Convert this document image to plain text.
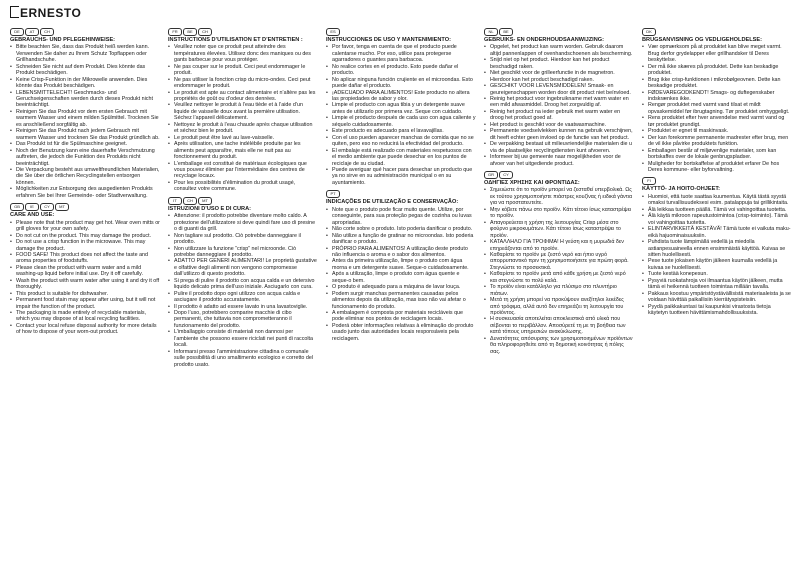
ERNESTO
DE	AT	CH
GEBRAUCHS- UND PFLEGEHINWEISE:
• Bitte beachten Sie, dass das Produkt heiß werden kann. Verwenden Sie daher zu Ihrem Schutz Topflappen oder Grillhandschuhe.
• Schneiden Sie nicht auf dem Produkt. Dies könnte das Produkt beschädigen.
• Keine Crisp-Funktion in der Mikrowelle anwenden. Dies könnte das Produkt beschädigen.
• LEBENSMITTELECHT! Geschmacks- und Geruchseigenschaften werden durch dieses Produkt nicht beeinträchtigt.
• Reinigen Sie das Produkt vor dem ersten Gebrauch mit warmem Wasser und einem milden Spülmittel. Trocknen Sie es anschließend sorgfältig ab.
• Reinigen Sie das Produkt nach jedem Gebrauch mit warmem Wasser und trocknen Sie das Produkt gründlich ab.
• Das Produkt ist für die Spülmaschine geeignet.
• Noch der Benutzung kann eine dauerhafte Verschmutzung auftreten, die jedoch die Funktion des Produkts nicht beeinträchtigt.
• Die Verpackung besteht aus umweltfreundlichen Materialien, die Sie über die örtlichen Recyclingstellen entsorgen können.
• Möglichkeiten zur Entsorgung des ausgedienten Produkts erfahren Sie bei Ihrer Gemeinde- oder Stadtverwaltung.
GB	IE	CY	MT
CARE AND USE:
• Please note that the product may get hot. Wear oven mitts or grill gloves for your own safety.
• Do not cut on the product. This may damage the product.
• Do not use a crisp function in the microwave. This may damage the product.
• FOOD SAFE! This product does not affect the taste and aroma properties of foodstuffs.
• Please clean the product with warm water and a mild washing-up liquid before initial use. Dry it off carefully.
• Wash the product with warm water after using it and dry it off thoroughly.
• This product is suitable for dishwasher.
• Permanent food stain may appear after using, but it will not impair the function of the product.
• The packaging is made entirely of recyclable materials, which you may dispose of at local recycling facilities.
• Contact your local refuse disposal authority for more details of how to dispose of your worn-out product.
FR	BE	CH
INSTRUCTIONS D’UTILISATION ET D’ENTRETIEN :
• Veuillez noter que ce produit peut atteindre des températures élevées. Utilisez donc des maniques ou des gants barbecue pour vous protéger.
• Ne pas couper sur le produit. Ceci peut endommager le produit.
• Ne pas utiliser la fonction crisp du micro-ondes. Ceci peut endommager le produit.
• Le produit est apte au contact alimentaire et n’altère pas les propriétés de goût ou d’odeur des denrées.
• Veuillez nettoyer le produit à l’eau tiède et à l’aide d’un liquide de vaisselle doux avant la première utilisation. Séchez l’appareil délicatement.
• Nettoyez le produit à l’eau chaude après chaque utilisation et séchez bien le produit.
• Le produit peut être lavé au lave-vaisselle.
• Après utilisation, une tache indélébile produite par les aliments peut apparaître, mais elle ne nuit pas au fonctionnement du produit.
• L’emballage est constitué de matériaux écologiques que vous pouvez éliminer par l’intermédiaire des centres de recyclage locaux.
• Pour les possibilités d’élimination du produit usagé, consultez votre commune.
IT	CH	MT
ISTRUZIONI D’USO E DI CURA:
• Attenzione: il prodotto potrebbe diventare molto caldo. A protezione dell’utilizzatore si deve quindi fare uso di presine o di guanti da grill.
• Non tagliare sul prodotto. Ciò potrebbe danneggiare il prodotto.
• Non utilizzare la funzione “crisp” nel microonde. Ciò potrebbe danneggiare il prodotto.
• ADATTO PER GENERI ALIMENTARI! Le proprietà gustative e olfattive degli alimenti non vengono compromesse dall’utilizzo di questo prodotto.
• Si prega di pulire il prodotto con acqua calda e un detersivo liquido delicato prima dell’uso iniziale. Asciugarlo con cura.
• Pulire il prodotto dopo ogni utilizzo con acqua calda e asciugare il prodotto accuratamente.
• Il prodotto è adatto ad essere lavato in una lavastoviglie.
• Dopo l’uso, potrebbero comparire macchie di cibo permanenti, che tuttavia non comprometteranno il funzionamento del prodotto.
• L’imballaggio consiste di materiali non dannosi per l’ambiente che possono essere riciclati nei punti di raccolta locali.
• Informarsi presso l’amministrazione cittadina o comunale sulle possibilità di uno smaltimento ecologico e corretto del prodotto usato.
ES
INSTRUCCIONES DE USO Y MANTENIMIENTO:
• Por favor, tenga en cuenta de que el producto puede calentarse mucho. Por eso, utilice para protegerse agarradores o guantes para barbacoa.
• No realice cortes en el producto. Esto puede dañar el producto.
• No aplicar ninguna función crujiente en el microondas. Esto puede dañar el producto.
• ¡ADECUADO PARA ALIMENTOS! Este producto no altera las propiedades de sabor y olor.
• Limpie el producto con agua tibia y un detergente suave antes de utilizarlo por primera vez. Seque con cuidado.
• Limpie el producto después de cada uso con agua caliente y séquelo cuidadosamente.
• Este producto es adecuado para el lavavajillas.
• Con el uso pueden aparecer manchas de comida que no se quiten, pero eso no reducirá la efectividad del producto.
• El embalaje está realizado con materiales respetuosos con el medio ambiente que puede desechar en los puntos de reciclaje de su ciudad.
• Puede averiguar qué hacer para desechar un producto que ya no sirve en su administración municipal o en su ayuntamiento.
PT
INDICAÇÕES DE UTILIZAÇÃO E CONSERVAÇÃO:
• Note que o produto pode ficar muito quente. Utilize, por conseguinte, para sua proteção pegas de cozinha ou luvas apropriadas.
• Não corte sobre o produto. Isto poderia danificar o produto.
• Não utilize a função de gratinar no microondas. Isto poderia danificar o produto.
• PRÓPRIO PARA ALIMENTOS! A utilização deste produto não influencia o aroma e o sabor dos alimentos.
• Antes da primeira utilização, limpe o produto com água morna e um detergente suave. Seque-o cuidadosamente.
• Após a utilização, limpe o produto com água quente e seque-o bem.
• O produto é adequado para a máquina de lavar louça.
• Podem surgir manchas permanentes causadas pelos alimentos depois da utilização, mas isso não vai afetar o funcionamento do produto.
• A embalagem é composta por materiais recicláveis que pode eliminar nos pontos de reciclagem locais.
• Poderá obter informações relativas à eliminação do produto usado junto das autoridades locais responsáveis pela reciclagem.
NL	BE
GEBRUIKS- EN ONDERHOUDSAANWIJZING:
• Opgelet, het product kan warm worden. Gebruik daarom altijd pannenlappen of ovenhandschoenen als bescherming.
• Snijd niet op het product. Hierdoor kan het product beschadigd raken.
• Niet geschikt voor de grilleerfunctie in de magnetron. Hierdoor kan het product beschadigd raken.
• GESCHIKT VOOR LEVENSMIDDELEN! Smaak- en geureigenschappen worden door dit product niet beïnvloed.
• Reinig het product voor ingebruikname met warm water en een mild afwasmiddel. Droog het zorgvuldig af.
• Reinig het product na ieder gebruik met warm water en droog het product goed af.
• Het product is geschikt voor de vaatwasmachine.
• Permanente voedselvlekken kunnen na gebruik verschijnen, dit heeft echter geen invloed op de functie van het product.
• De verpakking bestaat uit milieuvriendelijke materialen die u via de plaatselijke recyclingdiensten kunt afvoeren.
• Informeer bij uw gemeente naar mogelijkheden voor de afvoer van het uitgediende product.
GR	CY
ΟΔΗΓΙΕΣ ΧΡΗΣΗΣ ΚΑΙ ΦΡΟΝΤΙΔΑΣ:
• Σημειώστε ότι το προϊόν μπορεί να ζεσταθεί υπερβολικά. Ως εκ τούτου χρησιμοποιήστε πιάστρες κουζίνας ή ειδικά γάντια για να προστατευτείτε.
• Μην κόβετε πάνω στο προϊόν. Κάτι τέτοιο ίσως καταστρέψει το προϊόν.
• Απαγορεύεται η χρήση της λειτουργίας Crisp μέσα στο φούρνο μικροκυμάτων. Κάτι τέτοιο ίσως καταστρέψει το προϊόν.
• ΚΑΤΑΛΛΗΛΟ ΓΙΑ ΤΡΟΦΙΜΑ! Η γεύση και η μυρωδιά δεν επηρεάζονται από το προϊόν.
• Καθαρίστε το προϊόν με ζεστό νερό και ήπιο υγρό απορρυπαντικό πριν τη χρησιμοποιήσετε για πρώτη φορά. Στεγνώστε το προσεκτικά.
• Καθαρίστε το προϊόν μετά από κάθε χρήση με ζεστό νερό και στεγνώστε το πολύ καλά.
• Το προϊόν είναι κατάλληλο για πλύσιμο στο πλυντήριο πιάτων.
• Μετά τη χρήση μπορεί να προκύψουν ανεξίτηλοι λεκέδες από τρόφιμα, αλλά αυτό δεν επηρεάζει τη λειτουργία του προϊόντος.
• Η συσκευασία αποτελείται αποκλειστικά από υλικά που σέβονται το περιβάλλον. Αποσύρετέ τη με τη βοήθεια των κατά τόπους υπηρεσιών ανακύκλωσης.
• Δυνατότητες απόσυρσης των χρησιμοποιημένων προϊόντων θα πληροφορηθείτε από τη δημοτική κοινότητας ή πόλης σας.
DK
BRUGSANVISNING OG VEDLIGEHOLDELSE:
• Vær opmærksom på at produktet kan blive meget varmt. Brug derfor grydelapper eller grillhandsker til Deres beskyttelse.
• Der må ikke skæres på produktet. Dette kan beskadige produktet.
• Brug ikke crisp-funktionen i mikrobølgeovnen. Dette kan beskadige produktet.
• FØDEVAREGODKENDT! Smags- og duftegenskaber indskrænkes ikke.
• Rengør produktet med varmt vand tilsat et mildt opvaskemiddel før ibrugtagning. Tør produktet omhyggeligt.
• Rens produktet efter hver anvendelse med varmt vand og tør produktet grundigt.
• Produktet er egnet til maskinvask.
• Der kan forekomme permanente madrester efter brug, men de vil ikke påvirke produktets funktion.
• Emballagen består af miljøvenlige materialer, som kan bortskaffes over de lokale genbrugspladser.
• Muligheder for bortskaffelse af produktet erfarer De hos Deres kommune- eller byforvaltning.
FI
KÄYTTÖ- JA HOITO-OHJEET:
• Huomioi, että tuote saattaa kuumentua. Käytä tästä syystä omaksi turvallisuudeksesi esim. patalappuja tai grillikintaita.
• Älä leikkaa tuotteen päällä. Tämä voi vahingoittaa tuotetta.
• Älä käytä mikroon rapeutustoimintoa (crisp-toiminto). Tämä voi vahingoittaa tuotetta.
• ELINTARVIKKEITÄ KESTÄVÄ! Tämä tuote ei vaikuta maku- eikä hajuominaisuuksiin.
• Puhdista tuote lämpimällä vedellä ja miedolla astianpesuaineella ennen ensimmäistä käyttöä. Kuivaa se sitten huolellisesti.
• Pese tuote jokaisen käytön jälkeen kuumalla vedellä ja kuivaa se huolellisesti.
• Tuote kestää konepesun.
• Pysyviä ruokatahroja voi ilmaantua käytön jälkeen, mutta tämä ei heikennä tuotteen toimintaa millään tavalla.
• Pakkaus koostuu ympäristöystävällisistä materiaaleista ja se voidaan hävittää paikallisiin kierrätyspisteisiin.
• Pyydä paikkakuntasi tai kaupunkisi virastosta tietoja käytetyn tuotteen hävittämismahdollisuuksista.
